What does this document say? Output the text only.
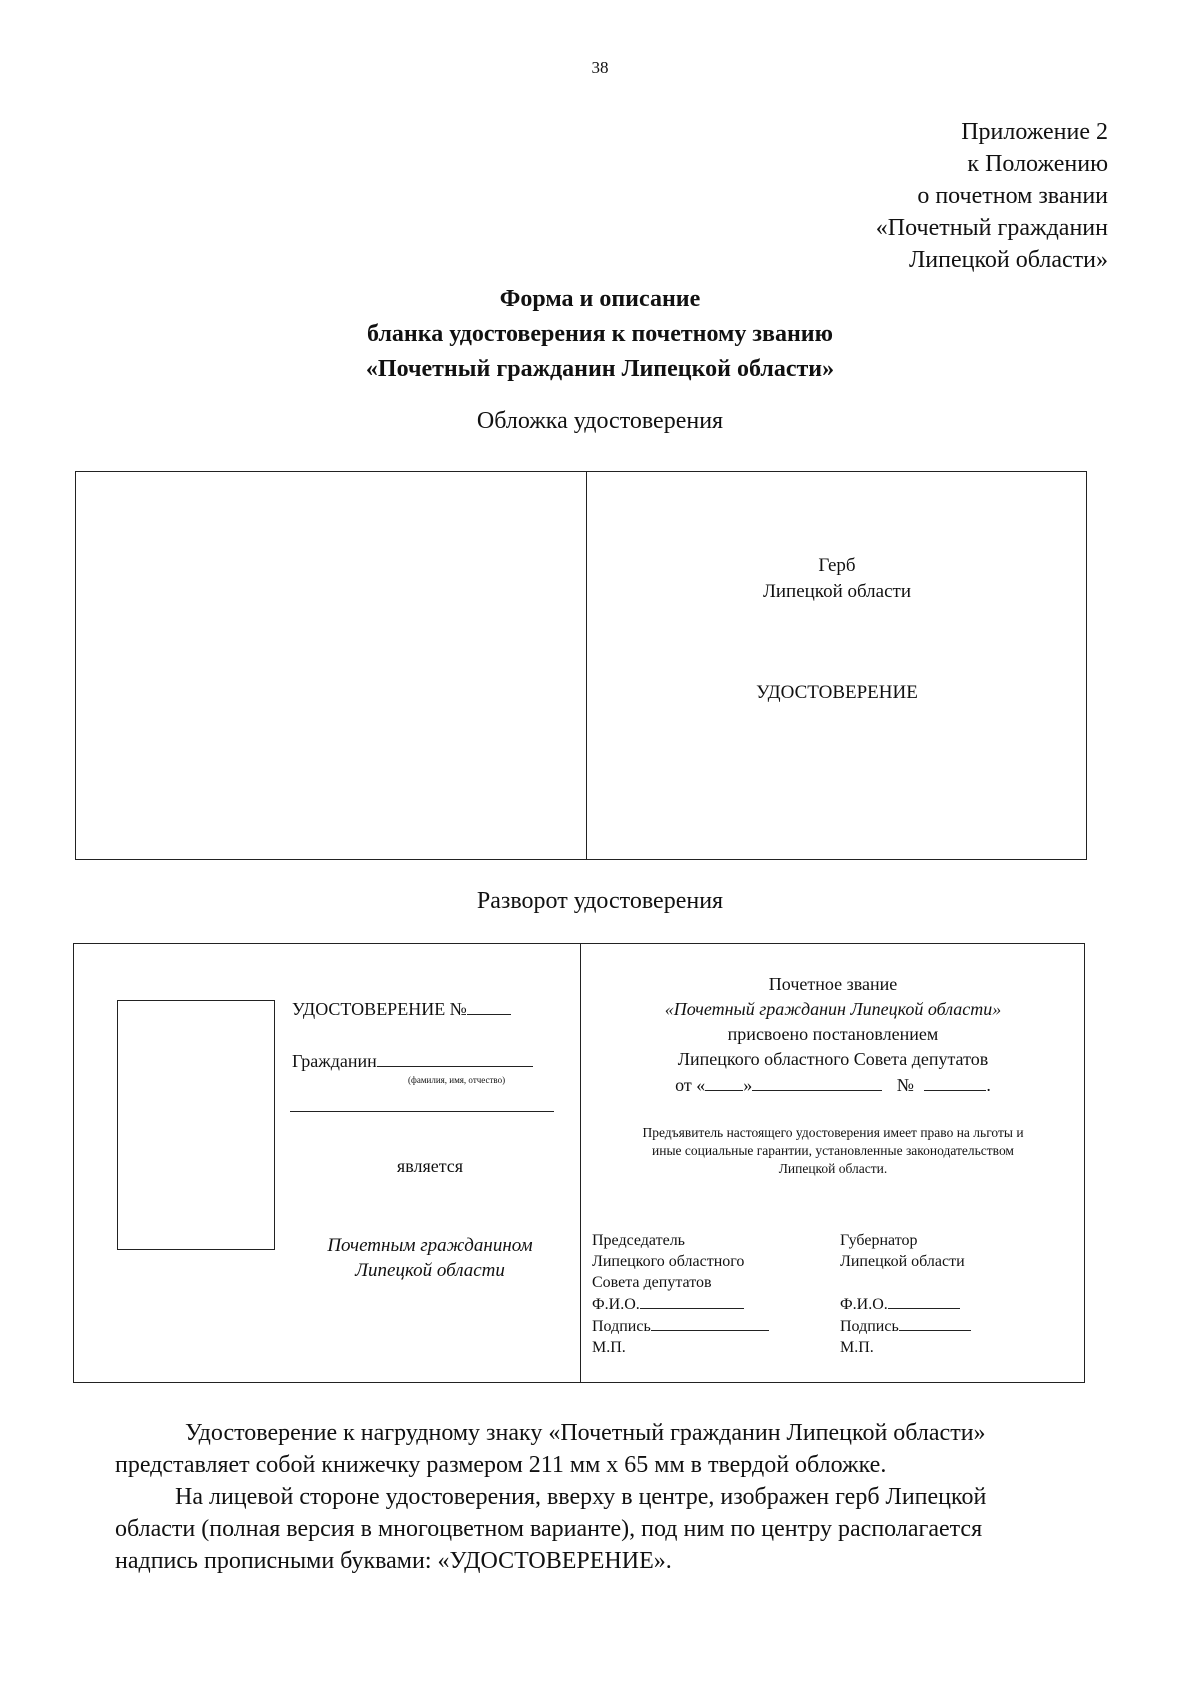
38
Приложение 2
к Положению
о почетном звании
«Почетный гражданин
Липецкой области»
Форма и описание
бланка удостоверения к почетному званию
«Почетный гражданин Липецкой области»
Обложка удостоверения
Герб
Липецкой области
УДОСТОВЕРЕНИЕ
Разворот удостоверения
УДОСТОВЕРЕНИЕ №
Гражданин
(фамилия, имя, отчество)
является
Почетным гражданином
Липецкой области
Почетное звание
«Почетный гражданин Липецкой области»
присвоено постановлением
Липецкого областного Совета депутатов
от « »	№	.
Предъявитель настоящего удостоверения имеет право на льготы и
иные социальные гарантии, установленные законодательством
Липецкой области.
Председатель
Липецкого областного
Совета депутатов
Ф.И.О.
Подпись
М.П.
Губернатор
Липецкой области
Ф.И.О.
Подпись
М.П.
Удостоверение к нагрудному знаку «Почетный гражданин Липецкой области»
представляет собой книжечку размером 211 мм х 65 мм в твердой обложке.
На лицевой стороне удостоверения, вверху в центре, изображен герб Липецкой
области (полная версия в многоцветном варианте), под ним по центру располагается
надпись прописными буквами: «УДОСТОВЕРЕНИЕ».
